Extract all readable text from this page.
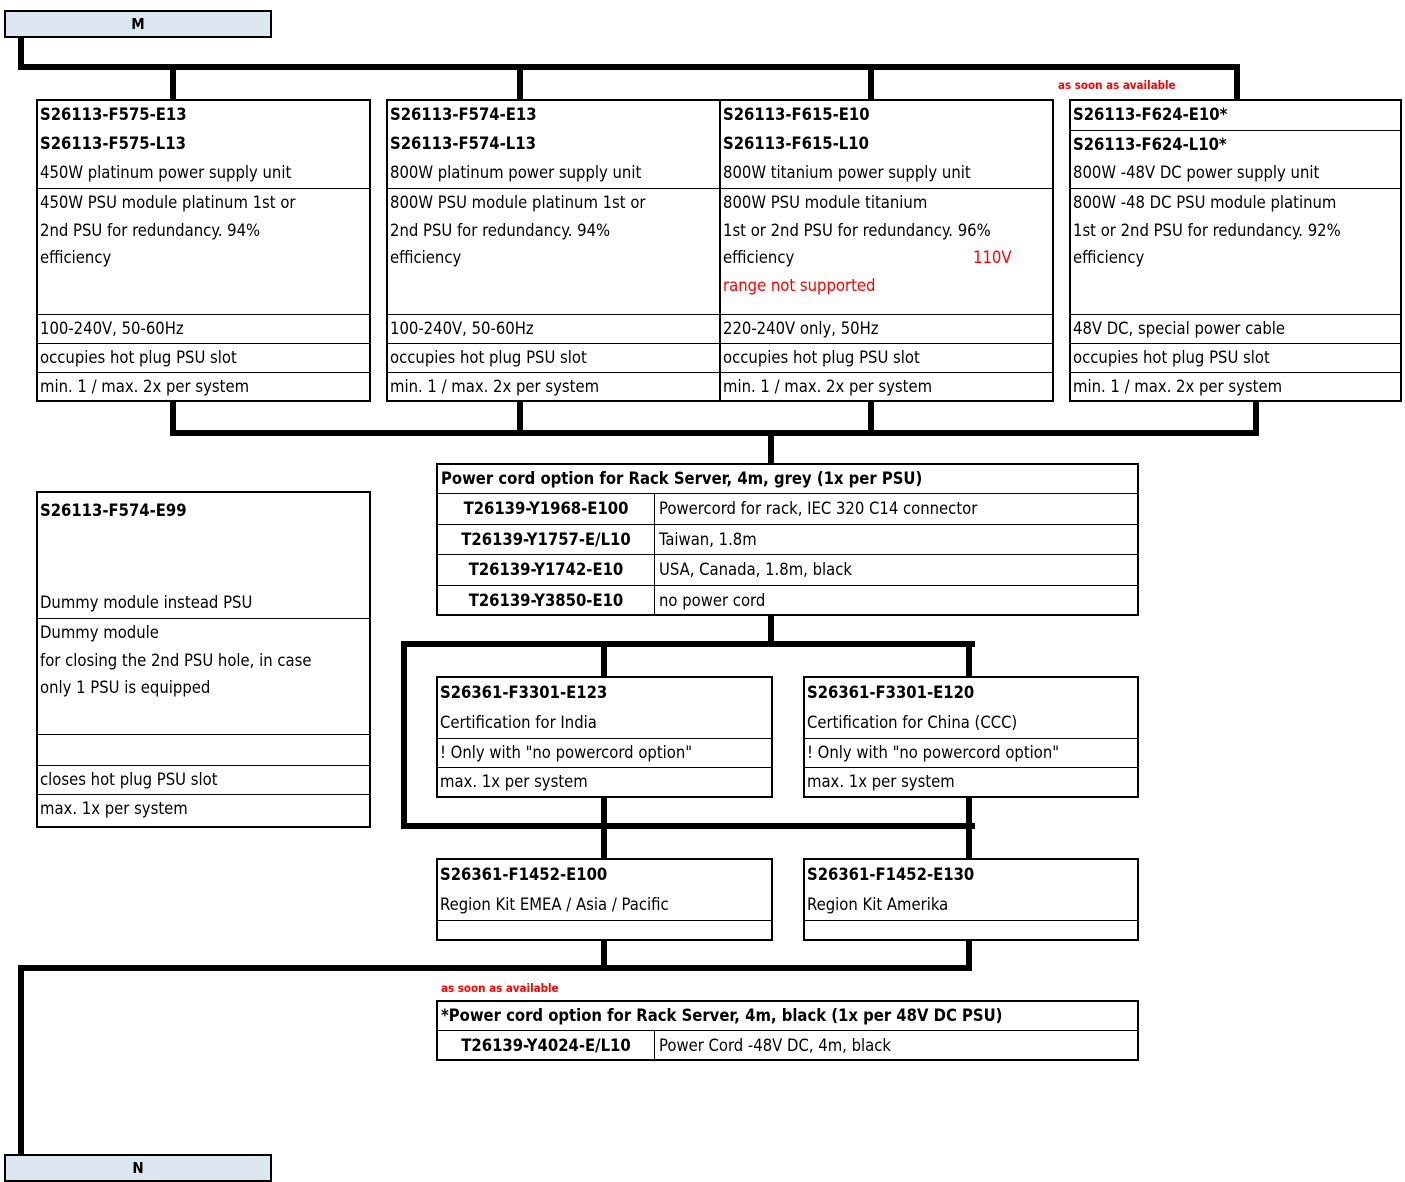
M
N
as soon as available
as soon as available
S26113-F575-E13
S26113-F575-L13
450W platinum power supply unit
450W PSU module platinum 1st or
2nd PSU for redundancy. 94%
efficiency
100-240V, 50-60Hz
occupies hot plug PSU slot
min. 1 / max. 2x per system
S26113-F574-E13
S26113-F574-L13
800W platinum power supply unit
800W PSU module platinum 1st or
2nd PSU for redundancy. 94%
efficiency
100-240V, 50-60Hz
occupies hot plug PSU slot
min. 1 / max. 2x per system
S26113-F615-E10
S26113-F615-L10
800W titanium power supply unit
800W PSU module titanium
1st or 2nd PSU for redundancy. 96%
efficiency	110V
range not supported
220-240V only, 50Hz
occupies hot plug PSU slot
min. 1 / max. 2x per system
S26113-F624-E10*
S26113-F624-L10*
800W -48V DC power supply unit
800W -48 DC PSU module platinum
1st or 2nd PSU for redundancy. 92%
efficiency
48V DC, special power cable
occupies hot plug PSU slot
min. 1 / max. 2x per system
S26113-F574-E99
Dummy module instead PSU
Dummy module
for closing the 2nd PSU hole, in case
only 1 PSU is equipped
closes hot plug PSU slot
max. 1x per system
Power cord option for Rack Server, 4m, grey (1x per PSU)
T26139-Y1968-E100	Powercord for rack, IEC 320 C14 connector
T26139-Y1757-E/L10	Taiwan, 1.8m
T26139-Y1742-E10	USA, Canada, 1.8m, black
T26139-Y3850-E10	no power cord
S26361-F3301-E123
Certification for India
! Only with "no powercord option"
max. 1x per system
S26361-F3301-E120
Certification for China (CCC)
! Only with "no powercord option"
max. 1x per system
S26361-F1452-E100
Region Kit EMEA / Asia / Pacific
S26361-F1452-E130
Region Kit Amerika
*Power cord option for Rack Server, 4m, black (1x per 48V DC PSU)
T26139-Y4024-E/L10	Power Cord -48V DC, 4m, black
